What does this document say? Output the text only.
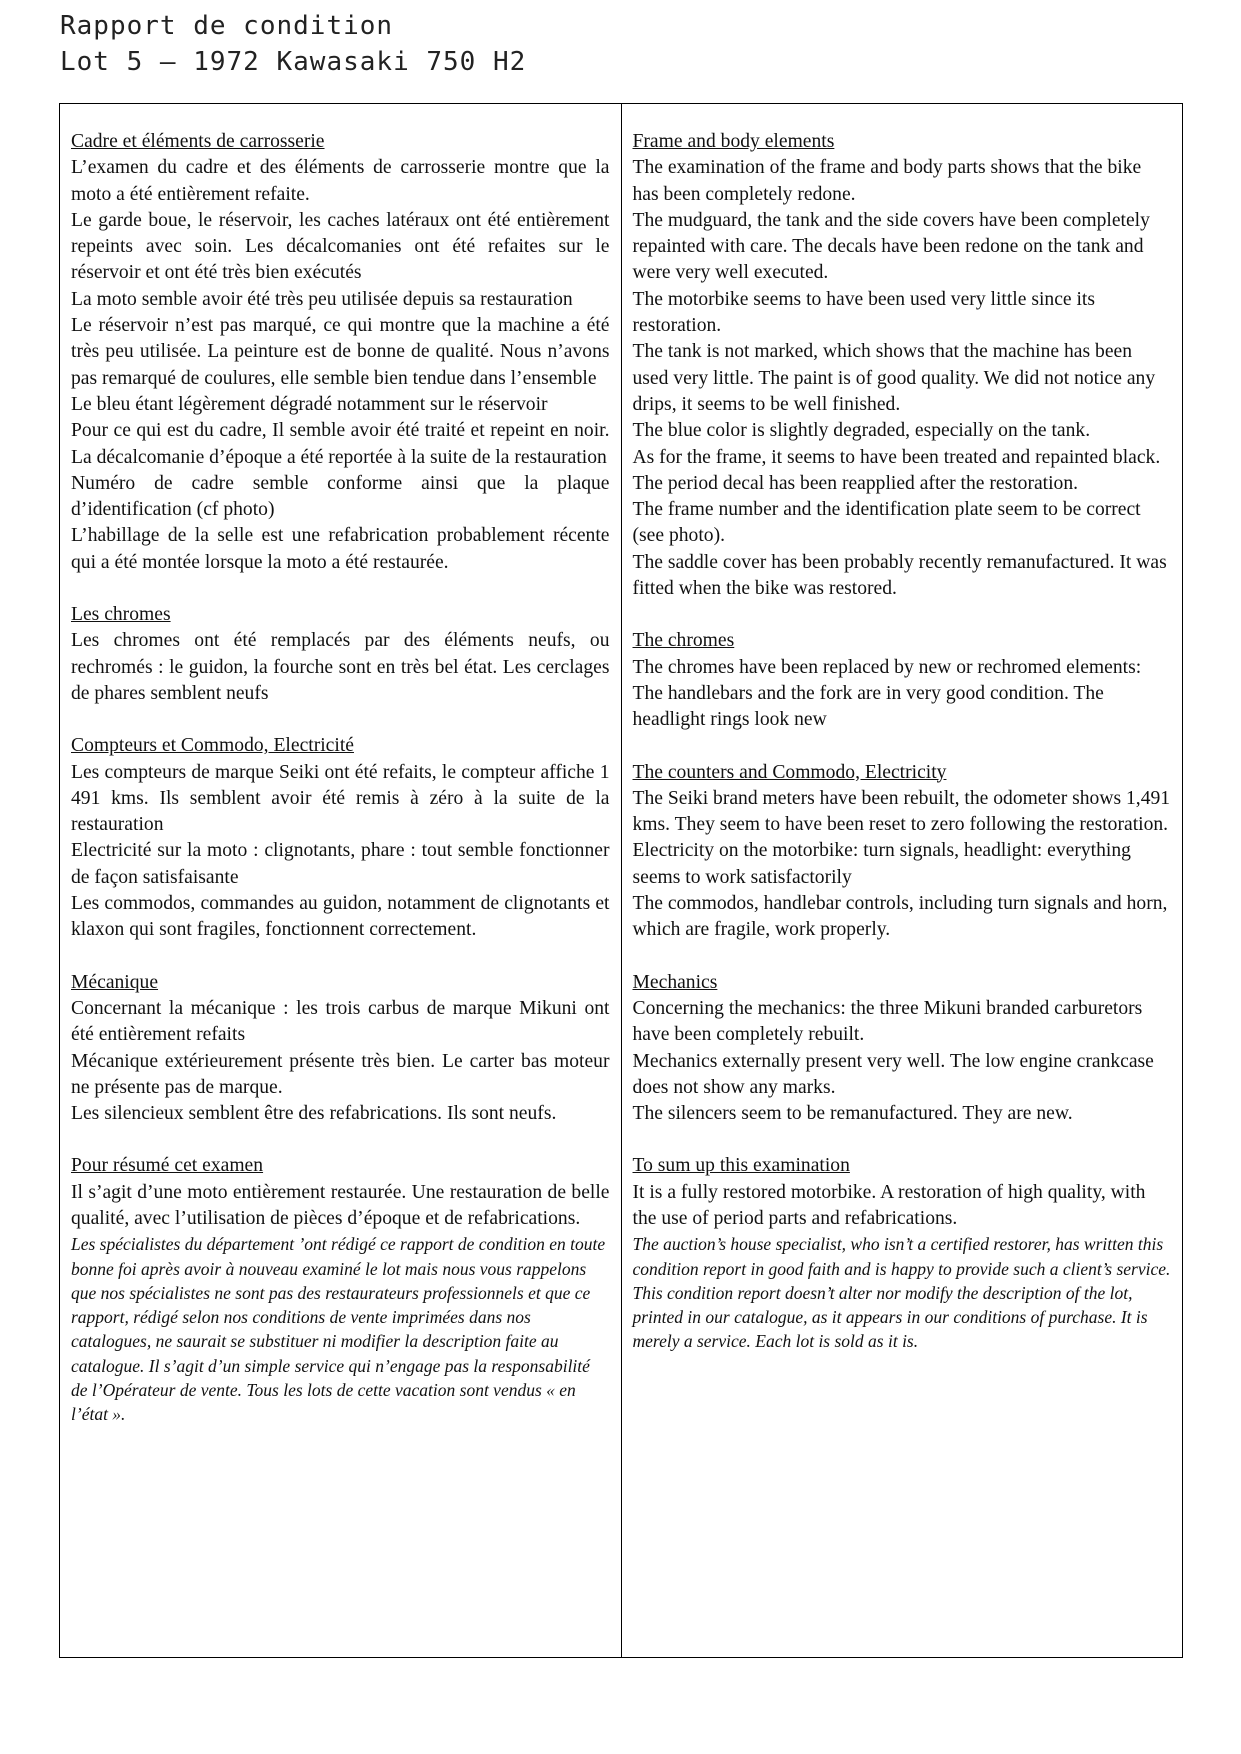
Rapport de condition
Lot 5 – 1972 Kawasaki 750 H2
Cadre et éléments de carrosserie

L’examen du cadre et des éléments de carrosserie montre que la moto a été entièrement refaite.

Le garde boue, le réservoir, les caches latéraux ont été entièrement repeints avec soin. Les décalcomanies ont été refaites sur le réservoir et ont été très bien exécutés

La moto semble avoir été très peu utilisée depuis sa restauration

Le réservoir n’est pas marqué, ce qui montre que la machine a été très peu utilisée. La peinture est de bonne de qualité. Nous n’avons pas remarqué de coulures, elle semble bien tendue dans l’ensemble

Le bleu étant légèrement dégradé notamment sur le réservoir

Pour ce qui est du cadre, Il semble avoir été traité et repeint en noir. La décalcomanie d’époque a été reportée à la suite de la restauration

Numéro de cadre semble conforme ainsi que la plaque d’identification (cf photo)

L’habillage de la selle est une refabrication probablement récente qui a été montée lorsque la moto a été restaurée.

Les chromes

Les chromes ont été remplacés par des éléments neufs, ou rechromés : le guidon, la fourche sont en très bel état. Les cerclages de phares semblent neufs

Compteurs et Commodo, Electricité

Les compteurs de marque Seiki ont été refaits, le compteur affiche 1 491 kms. Ils semblent avoir été remis à zéro à la suite de la restauration

Electricité sur la moto : clignotants, phare : tout semble fonctionner de façon satisfaisante

Les commodos, commandes au guidon, notamment de clignotants et klaxon qui sont fragiles, fonctionnent correctement.

Mécanique

Concernant la mécanique : les trois carbus de marque Mikuni ont été entièrement refaits

Mécanique extérieurement présente très bien. Le carter bas moteur ne présente pas de marque.

Les silencieux semblent être des refabrications. Ils sont neufs.

Pour résumé cet examen

Il s’agit d’une moto entièrement restaurée. Une restauration de belle qualité, avec l’utilisation de pièces d’époque et de refabrications.

Les spécialistes du département ’ont rédigé ce rapport de condition en toute bonne foi après avoir à nouveau examiné le lot mais nous vous rappelons que nos spécialistes ne sont pas des restaurateurs professionnels et que ce rapport, rédigé selon nos conditions de vente imprimées dans nos catalogues, ne saurait se substituer ni modifier la description faite au catalogue. Il s’agit d’un simple service qui n’engage pas la responsabilité de l’Opérateur de vente. Tous les lots de cette vacation sont vendus « en l’état ».

Frame and body elements

The examination of the frame and body parts shows that the bike has been completely redone.

The mudguard, the tank and the side covers have been completely repainted with care. The decals have been redone on the tank and were very well executed.

The motorbike seems to have been used very little since its restoration.

The tank is not marked, which shows that the machine has been used very little. The paint is of good quality. We did not notice any drips, it seems to be well finished.

The blue color is slightly degraded, especially on the tank.

As for the frame, it seems to have been treated and repainted black. The period decal has been reapplied after the restoration.

The frame number and the identification plate seem to be correct (see photo).

The saddle cover has been probably recently remanufactured. It was fitted when the bike was restored.

The chromes

The chromes have been replaced by new or rechromed elements: The handlebars and the fork are in very good condition. The headlight rings look new

The counters and Commodo, Electricity

The Seiki brand meters have been rebuilt, the odometer shows 1,491 kms. They seem to have been reset to zero following the restoration.

Electricity on the motorbike: turn signals, headlight: everything seems to work satisfactorily

The commodos, handlebar controls, including turn signals and horn, which are fragile, work properly.

Mechanics

Concerning the mechanics: the three Mikuni branded carburetors have been completely rebuilt.

Mechanics externally present very well. The low engine crankcase does not show any marks.

The silencers seem to be remanufactured. They are new.

To sum up this examination

It is a fully restored motorbike. A restoration of high quality, with the use of period parts and refabrications.

The auction’s house specialist, who isn’t a certified restorer, has written this condition report in good faith and is happy to provide such a client’s service. This condition report doesn’t alter nor modify the description of the lot, printed in our catalogue, as it appears in our conditions of purchase. It is merely a service. Each lot is sold as it is.
